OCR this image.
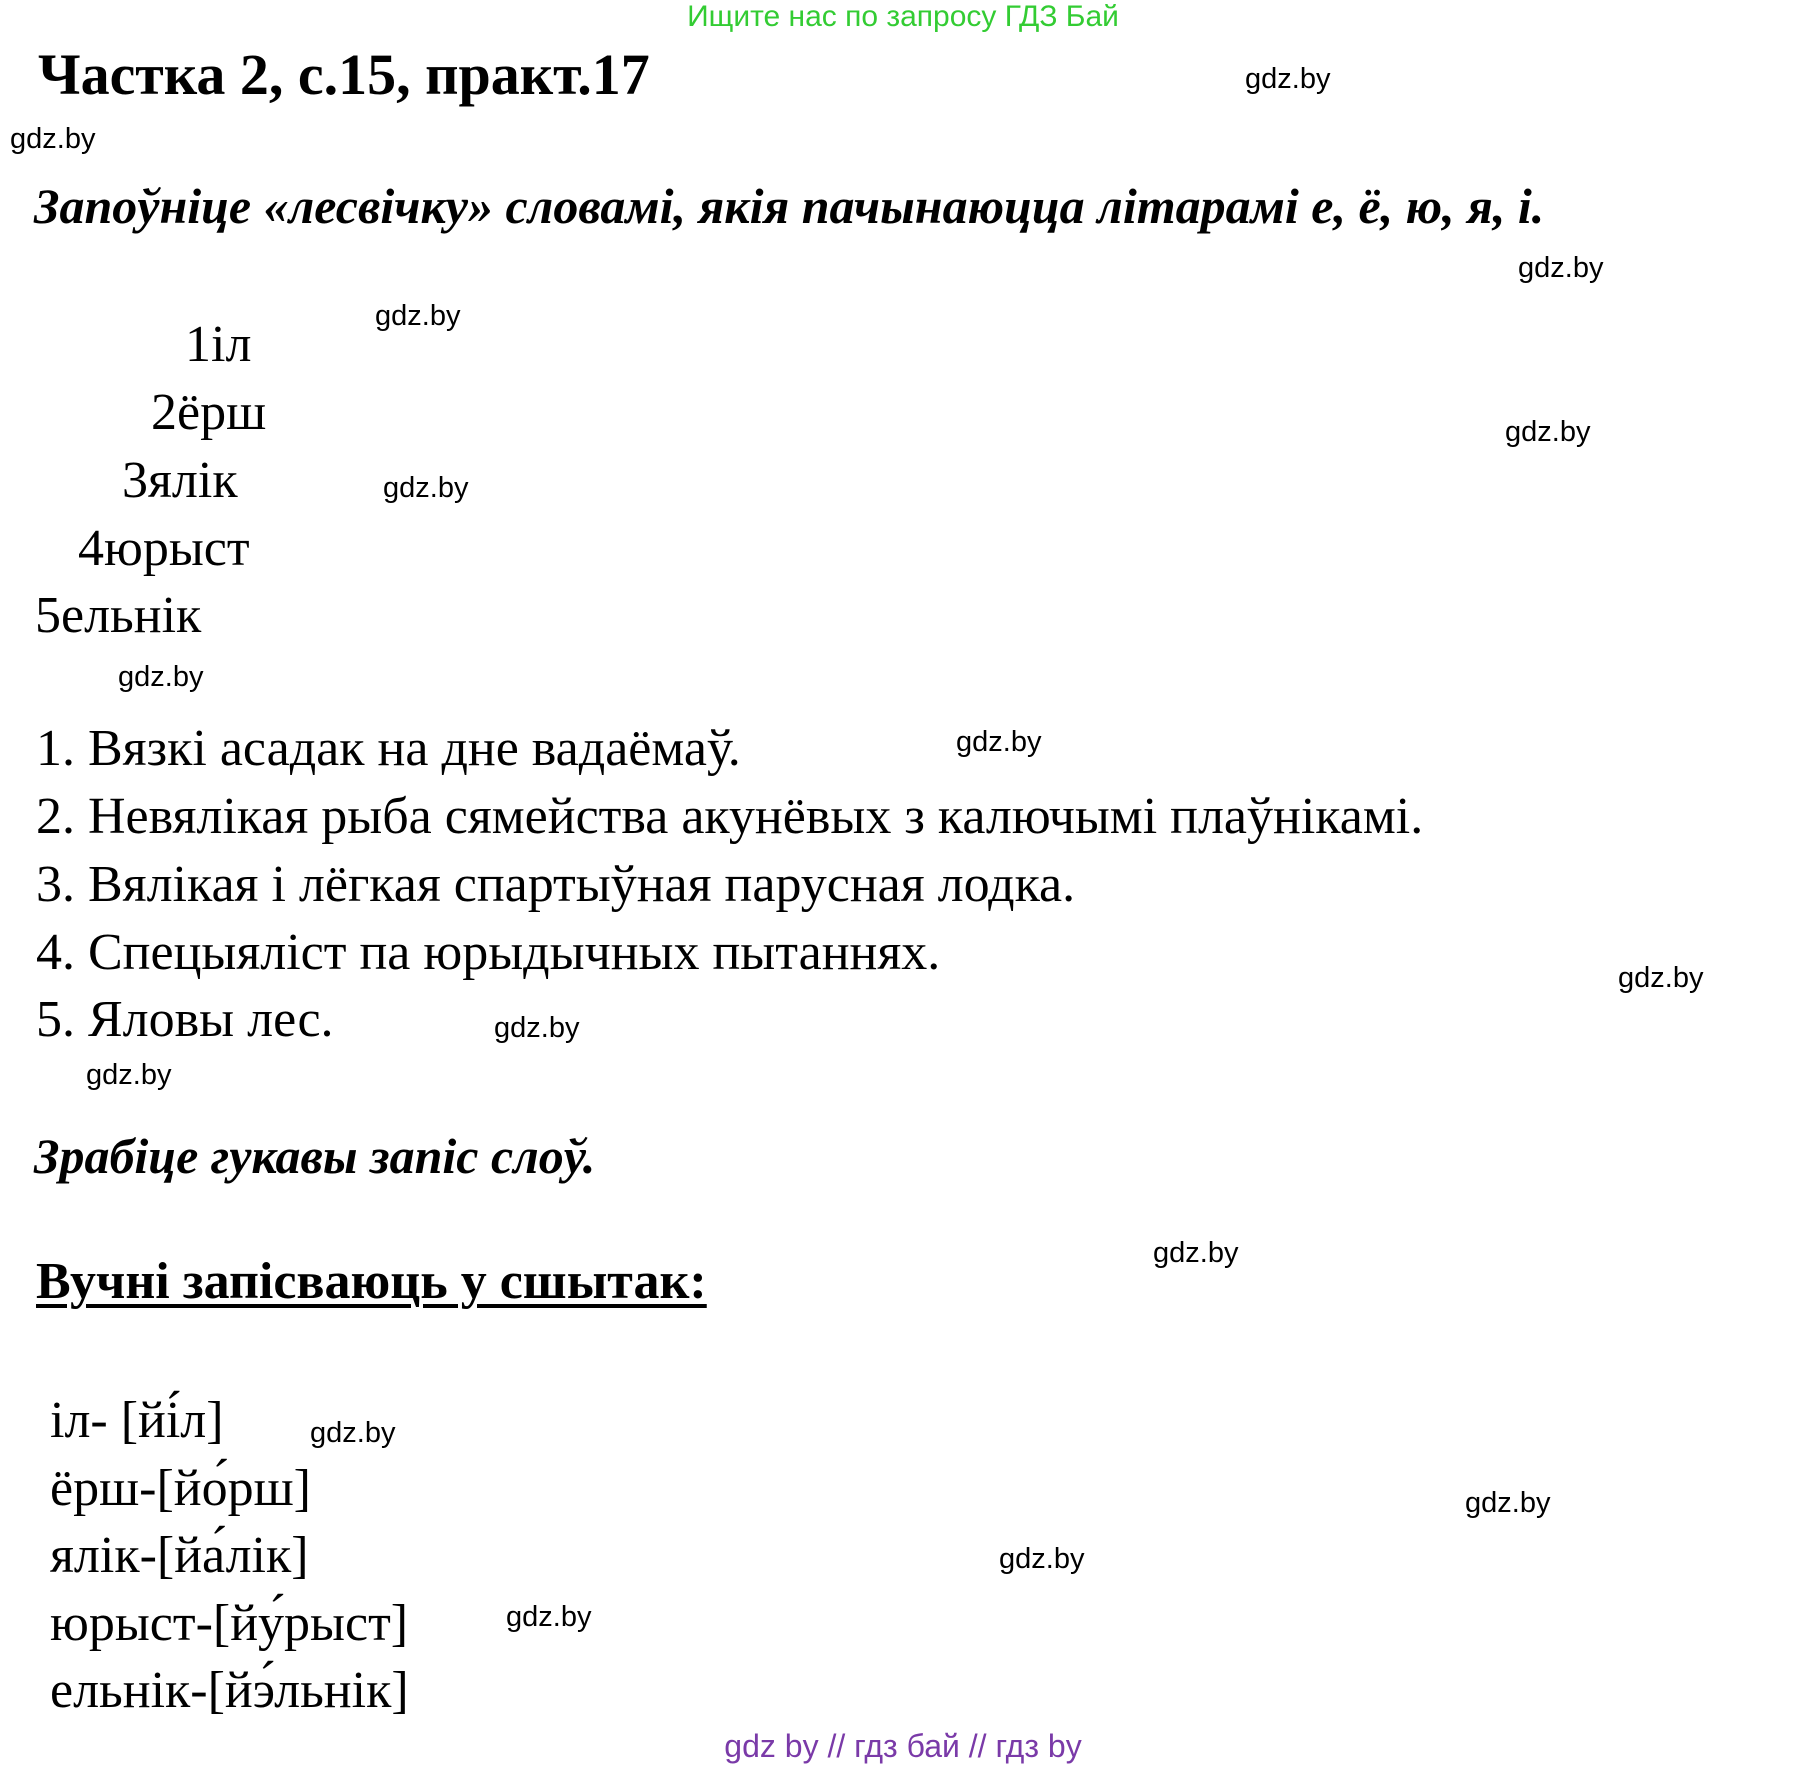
Ищите нас по запросу ГДЗ Бай
Частка 2, с.15, практ.17
Запоўніце «лесвічку» словамі, якія пачынаюцца літарамі е, ё, ю, я, і.
1іл
2ёрш
3ялік
4юрыст
5ельнік
1. Вязкі асадак на дне вадаёмаў.
2. Невялікая рыба сямейства акунёвых з калючымі плаўнікамі.
3. Вялікая і лёгкая спартыўная парусная лодка.
4. Спецыяліст па юрыдычных пытаннях.
5. Яловы лес.
Зрабіце гукавы запіс слоў.
Вучні запісваюць у сшытак:
іл- [йі́л]
ёрш-[йо́рш]
ялік-[йа́лік]
юрыст-[йу́рыст]
ельнік-[йэ́льнік]
gdz.by
gdz.by
gdz.by
gdz.by
gdz.by
gdz.by
gdz.by
gdz.by
gdz.by
gdz.by
gdz.by
gdz.by
gdz.by
gdz.by
gdz.by
gdz.by
gdz by // гдз бай // гдз by
